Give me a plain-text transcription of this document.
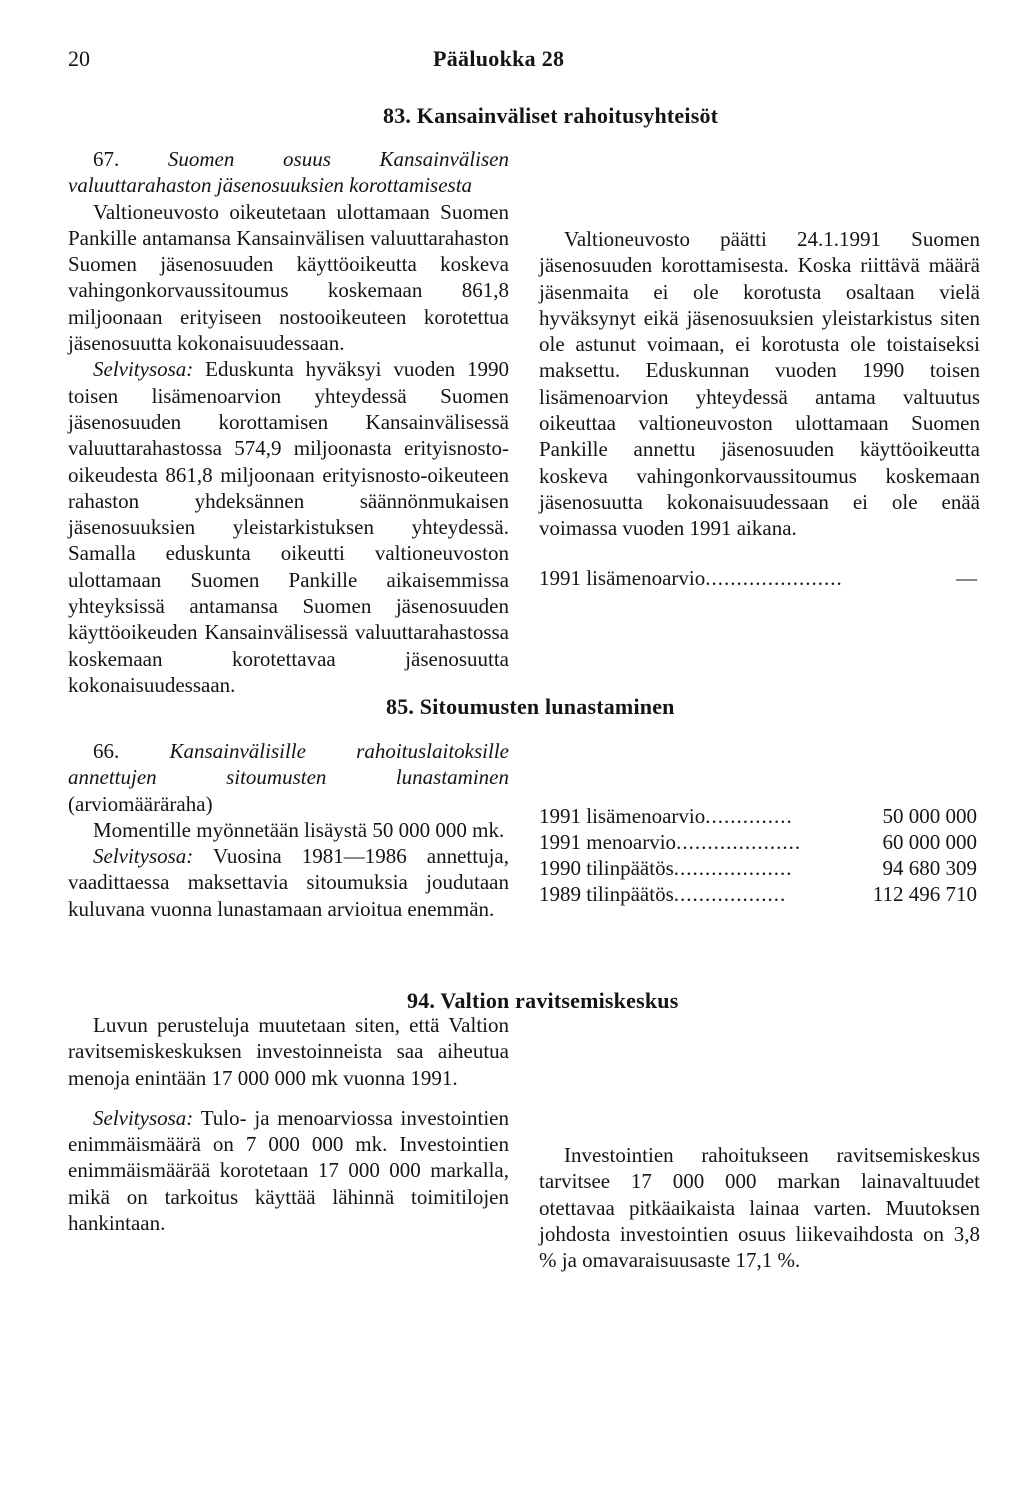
20	Pääluokka 28
83. Kansainväliset rahoitusyhteisöt

67. Suomen osuus Kansainvälisen valuuttarahaston jäsenosuuksien korottamisesta

Valtioneuvosto oikeutetaan ulottamaan Suomen Pankille antamansa Kansainvälisen valuuttarahaston Suomen jäsenosuuden käyttöoikeutta koskeva vahingonkorvaussitoumus koskemaan 861,8 miljoonaan erityiseen nostooikeuteen korotettua jäsenosuutta kokonaisuudessaan.

Selvitysosa: Eduskunta hyväksyi vuoden 1990 toisen lisämenoarvion yhteydessä Suomen jäsenosuuden korottamisen Kansainvälisessä valuuttarahastossa 574,9 miljoonasta erityisnosto-oikeudesta 861,8 miljoonaan erityisnosto-oikeuteen rahaston yhdeksännen säännönmukaisen jäsenosuuksien yleistarkistuksen yhteydessä. Samalla eduskunta oikeutti valtioneuvoston ulottamaan Suomen Pankille aikaisemmissa yhteyksissä antamansa Suomen jäsenosuuden käyttöoikeuden Kansainvälisessä valuuttarahastossa koskemaan korotettavaa jäsenosuutta kokonaisuudessaan.

Valtioneuvosto päätti 24.1.1991 Suomen jäsenosuuden korottamisesta. Koska riittävä määrä jäsenmaita ei ole korotusta osaltaan vielä hyväksynyt eikä jäsenosuuksien yleistarkistus siten ole astunut voimaan, ei korotusta ole toistaiseksi maksettu. Eduskunnan vuoden 1990 toisen lisämenoarvion yhteydessä antama valtuutus oikeuttaa valtioneuvoston ulottamaan Suomen Pankille annettu jäsenosuuden käyttöoikeutta koskeva vahingonkorvaussitoumus koskemaan jäsenosuutta kokonaisuudessaan ei ole enää voimassa vuoden 1991 aikana.

1991 lisämenoarvio ......................	—
85. Sitoumusten lunastaminen

66. Kansainvälisille rahoituslaitoksille annettujen sitoumusten lunastaminen (arviomääräraha)

Momentille myönnetään lisäystä 50 000 000 mk.

Selvitysosa: Vuosina 1981—1986 annettuja, vaadittaessa maksettavia sitoumuksia joudutaan kuluvana vuonna lunastamaan arvioitua enemmän.

1991 lisämenoarvio ..............	50 000 000
1991 menoarvio ....................	60 000 000
1990 tilinpäätös ...................	94 680 309
1989 tilinpäätös ..................	112 496 710
94. Valtion ravitsemiskeskus

Luvun perusteluja muutetaan siten, että Valtion ravitsemiskeskuksen investoinneista saa aiheutua menoja enintään 17 000 000 mk vuonna 1991.

Selvitysosa: Tulo- ja menoarviossa investointien enimmäismäärä on 7 000 000 mk. Investointien enimmäismäärää korotetaan 17 000 000 markalla, mikä on tarkoitus käyttää lähinnä toimitilojen hankintaan.

Investointien rahoitukseen ravitsemiskeskus tarvitsee 17 000 000 markan lainavaltuudet otettavaa pitkäaikaista lainaa varten. Muutoksen johdosta investointien osuus liikevaihdosta on 3,8 % ja omavaraisuusaste 17,1 %.
